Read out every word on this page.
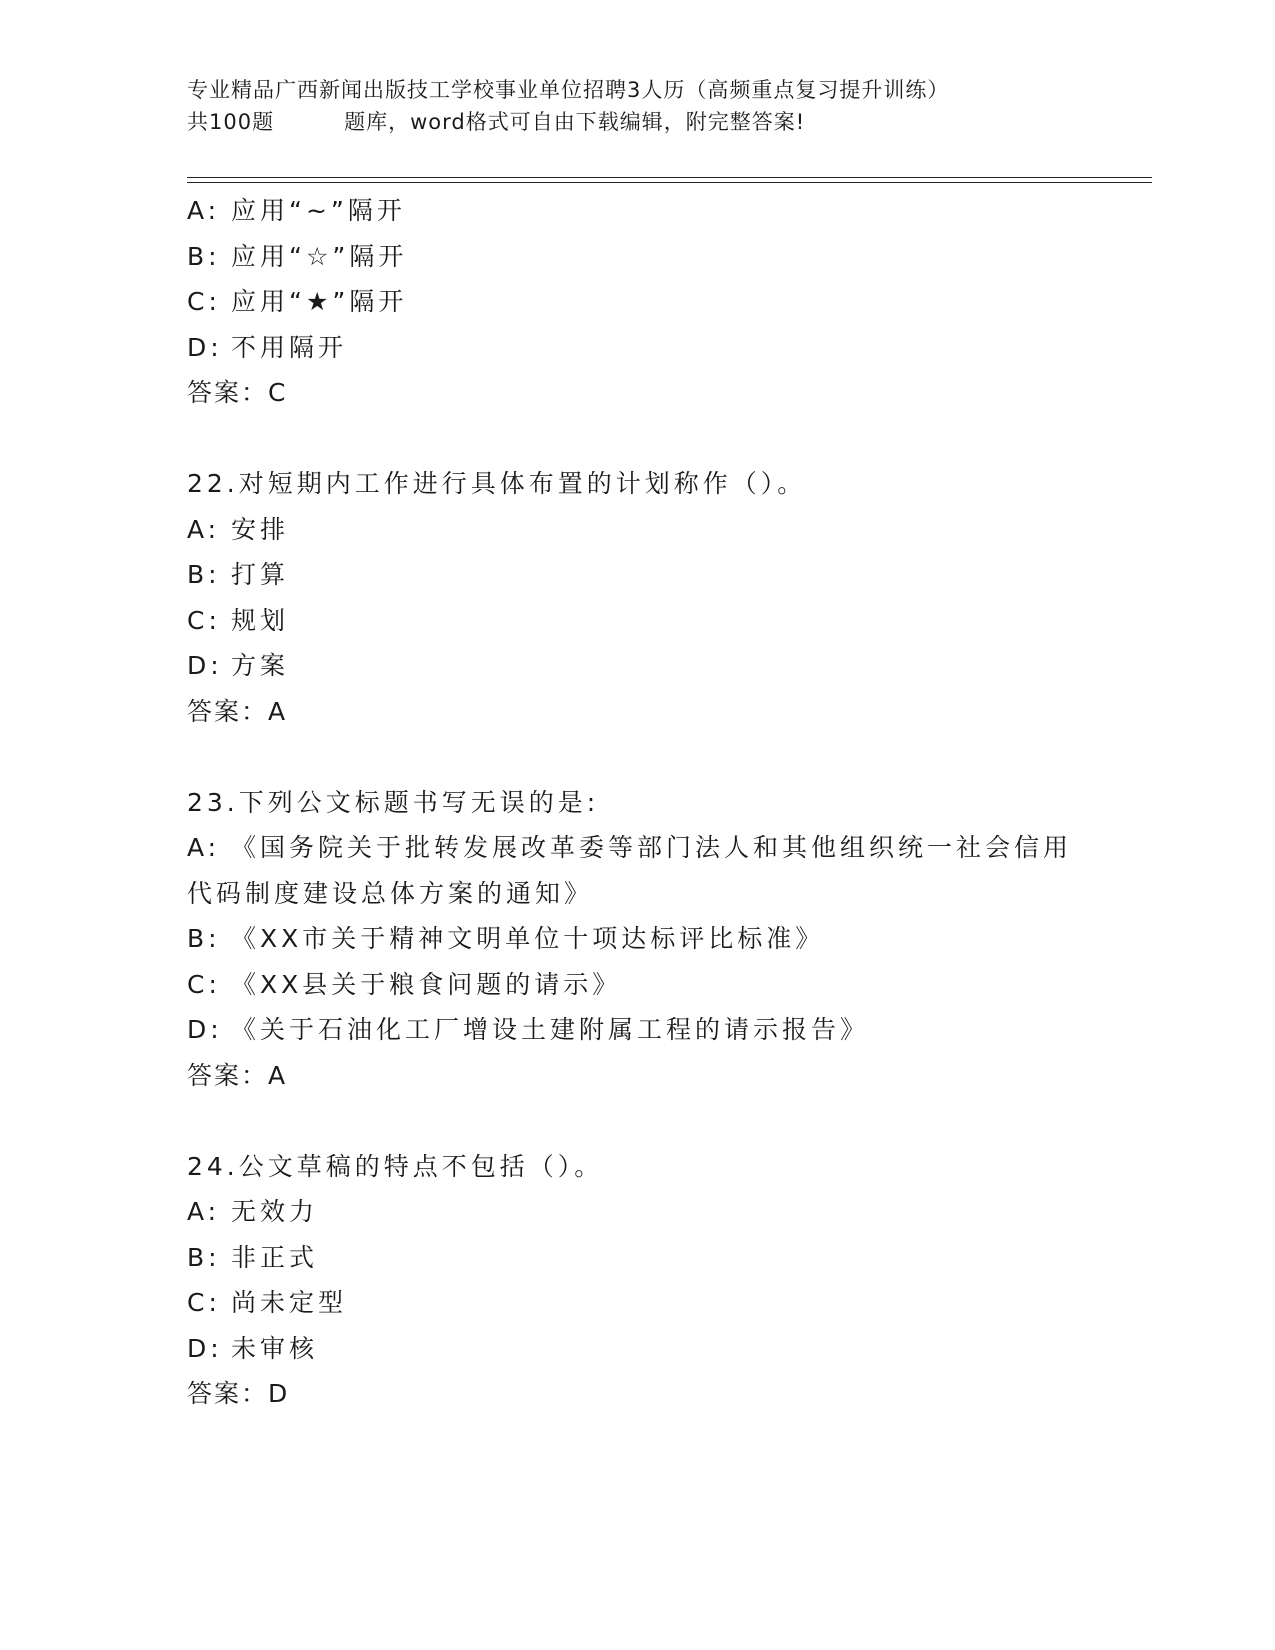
专业精品广西新闻出版技工学校事业单位招聘3人历（高频重点复习提升训练）
共100题	题库，word格式可自由下载编辑，附完整答案!
A: 应用“~”隔开
B: 应用“☆”隔开
C: 应用“★”隔开
D: 不用隔开
答案：C
22.对短期内工作进行具体布置的计划称作（）。
A: 安排
B: 打算
C: 规划
D: 方案
答案：A
23.下列公文标题书写无误的是:
A: 《国务院关于批转发展改革委等部门法人和其他组织统一社会信用
代码制度建设总体方案的通知》
B: 《XX市关于精神文明单位十项达标评比标准》
C: 《XX县关于粮食问题的请示》
D: 《关于石油化工厂增设土建附属工程的请示报告》
答案：A
24.公文草稿的特点不包括（）。
A: 无效力
B: 非正式
C: 尚未定型
D: 未审核
答案：D
